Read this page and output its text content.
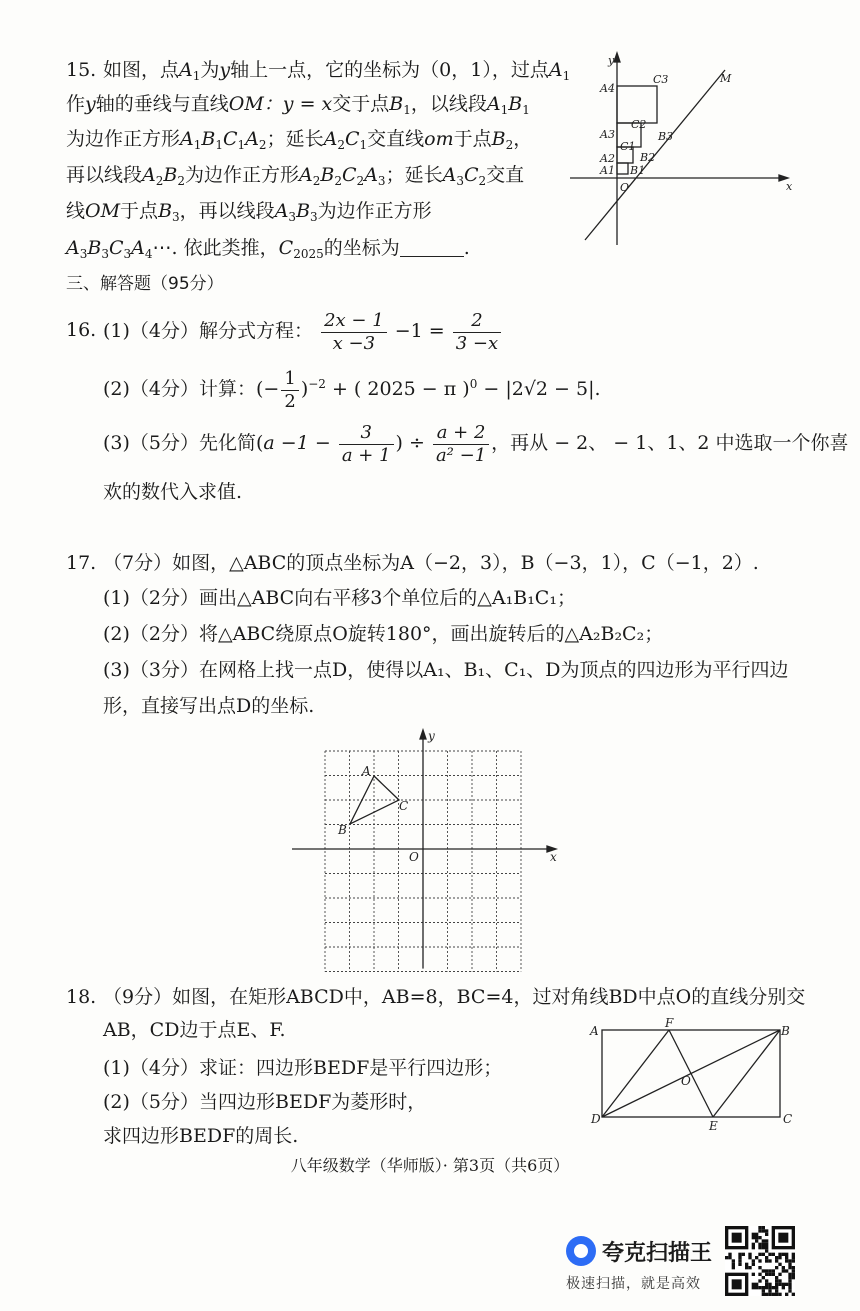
15. 如图，点$A_1$为y轴上一点，它的坐标为（0，1），过点$A_1$
作y轴的垂线与直线OM：y = x交于点$B_1$，以线段$A_1B_1$
为边作正方形$A_1B_1C_1A_2$；延长$A_2C_1$交直线om于点$B_2$，
再以线段$A_2B_2$为边作正方形$A_2B_2C_2A_3$；延长$A_3C_2$交直
线OM于点$B_3$，再以线段$A_3B_3$为边作正方形
$A_3B_3C_3A_4\cdots$. 依此类推，$C_{2025}$的坐标为	.
y
x
M
O
A4
A3
A2
A1
C3
C2
C1
B3
B2
B1
三、解答题（95分）
16. (1)（4分）解分式方程： $\frac{2x - 1}{x -3} -1 = \frac{2}{3 -x}$
(2)（4分）计算：(− $\frac{1}{2} )^{-2}$ + ( 2025 − π )$^0$ − |2√2 − 5|.
(3)（5分）先化简($a -1 - \frac{3}{a + 1}$ ) ÷ $\frac{a + 2}{\text{a² −1}}$ ，再从 − 2、 − 1、1、2 中选取一个你喜
欢的数代入求值.
17. （7分）如图，△ABC的顶点坐标为A（−2，3），B（−3，1），C（−1，2）.
(1)（2分）画出△ABC向右平移3个单位后的△A₁B₁C₁；
(2)（2分）将△ABC绕原点O旋转180°，画出旋转后的△A₂B₂C₂；
(3)（3分）在网格上找一点D，使得以A₁、B₁、C₁、D为顶点的四边形为平行四边
形，直接写出点D的坐标.
A
B
C
O	x
y
18. （9分）如图，在矩形ABCD中，AB=8，BC=4，过对角线BD中点O的直线分别交
AB，CD边于点E、F.
(1)（4分）求证：四边形BEDF是平行四边形；
(2)（5分）当四边形BEDF为菱形时，
求四边形BEDF的周长.
A	B
C
D	E
F
O
八年级数学（华师版）· 第3页（共6页）
夸克扫描王
极速扫描，就是高效
